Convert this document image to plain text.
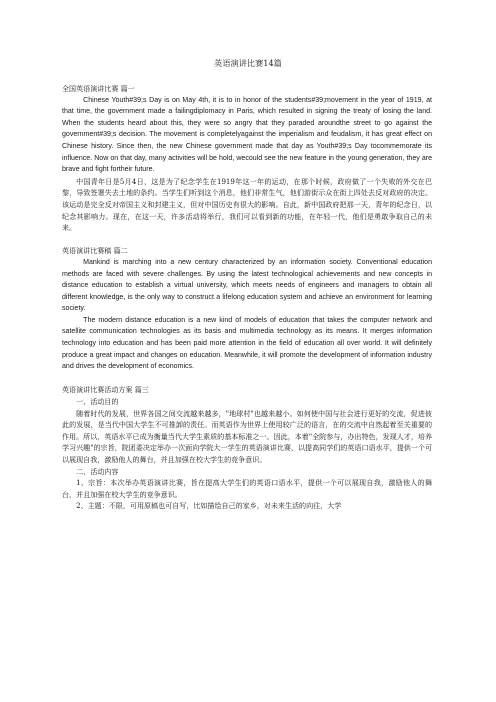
英语演讲比赛14篇
全国英语演讲比赛 篇一

Chinese Youth#39;s Day is on May 4th, it is to in honor of the students#39;movement in the year of 1919, at that time, the government made a failingdiplomacy in Paris, which resulted in signing the treaty of losing the land. When the students heard about this, they were so angry that they paraded aroundthe street to go against the government#39;s decision. The movement is completelyagainst the imperialism and feudalism, it has great effect on Chinese history. Since then, the new Chinese government made that day as Youth#39;s Day tocommemorate its influence. Now on that day, many activities will be hold, wecould see the new feature in the young generation, they are brave and fight fortheir future.

中国青年日是5月4日，这是为了纪念学生在1919年这一年的运动，在那个时候，政府做了一个失败的外交在巴黎，导致签署失去土地的条约。当学生们听到这个消息，他们非常生气，他们游街示众在街上四处去反对政府的决定。该运动是完全反对帝国主义和封建主义，但对中国历史有很大的影响。自此，新中国政府把那一天，青年的纪念日，以纪念其影响力。现在，在这一天，许多活动将举行，我们可以看到新的功能，在年轻一代，他们是勇敢争取自己的未来。

英语演讲比赛稿 篇二

Mankind is marching into a new century characterized by an information society. Conventional education methods are faced with severe challenges. By using the latest technological achievements and new concepts in distance education to establish a virtual university, which meets needs of engineers and managers to obtain all different knowledge, is the only way to construct a lifelong education system and achieve an environment for learning society.

The modern distance education is a new kind of models of education that takes the computer network and satellite communication technologies as its basis and multimedia technology as its means. It merges information technology into education and has been paid more attention in the field of education all over world. It will definitely produce a great impact and changes on education. Meanwhile, it will promote the development of information industry and drives the development of economics.

英语演讲比赛活动方案 篇三

一、活动目的

随着时代的发展，世界各国之间交流越来越多，"地球村"也越来越小。如何使中国与社会进行更好的交流，促进彼此的发展，是当代中国大学生不可推卸的责任。而英语作为世界上使用较广泛的语言，在的交流中自然起着至关重要的作用。所以，英语水平已成为衡量当代大学生素质的基本标准之一。因此，本着"全院参与，办出特色，发现人才，培养学习兴趣"的宗旨，院团委决定举办一次面向学院大一学生的英语演讲比赛，以提高同学们的英语口语水平，提供一个可以展现自我，激励他人的舞台，并且加强在校大学生的竞争意识。

二、活动内容

1、宗旨：本次举办英语演讲比赛，旨在提高大学生们的英语口语水平，提供一个可以展现自我，激励他人的舞台，并且加强在校大学生的竞争意识。

2、主题：不限，可用原稿也可自写，比如描绘自己的家乡，对未来生活的向往，大学
